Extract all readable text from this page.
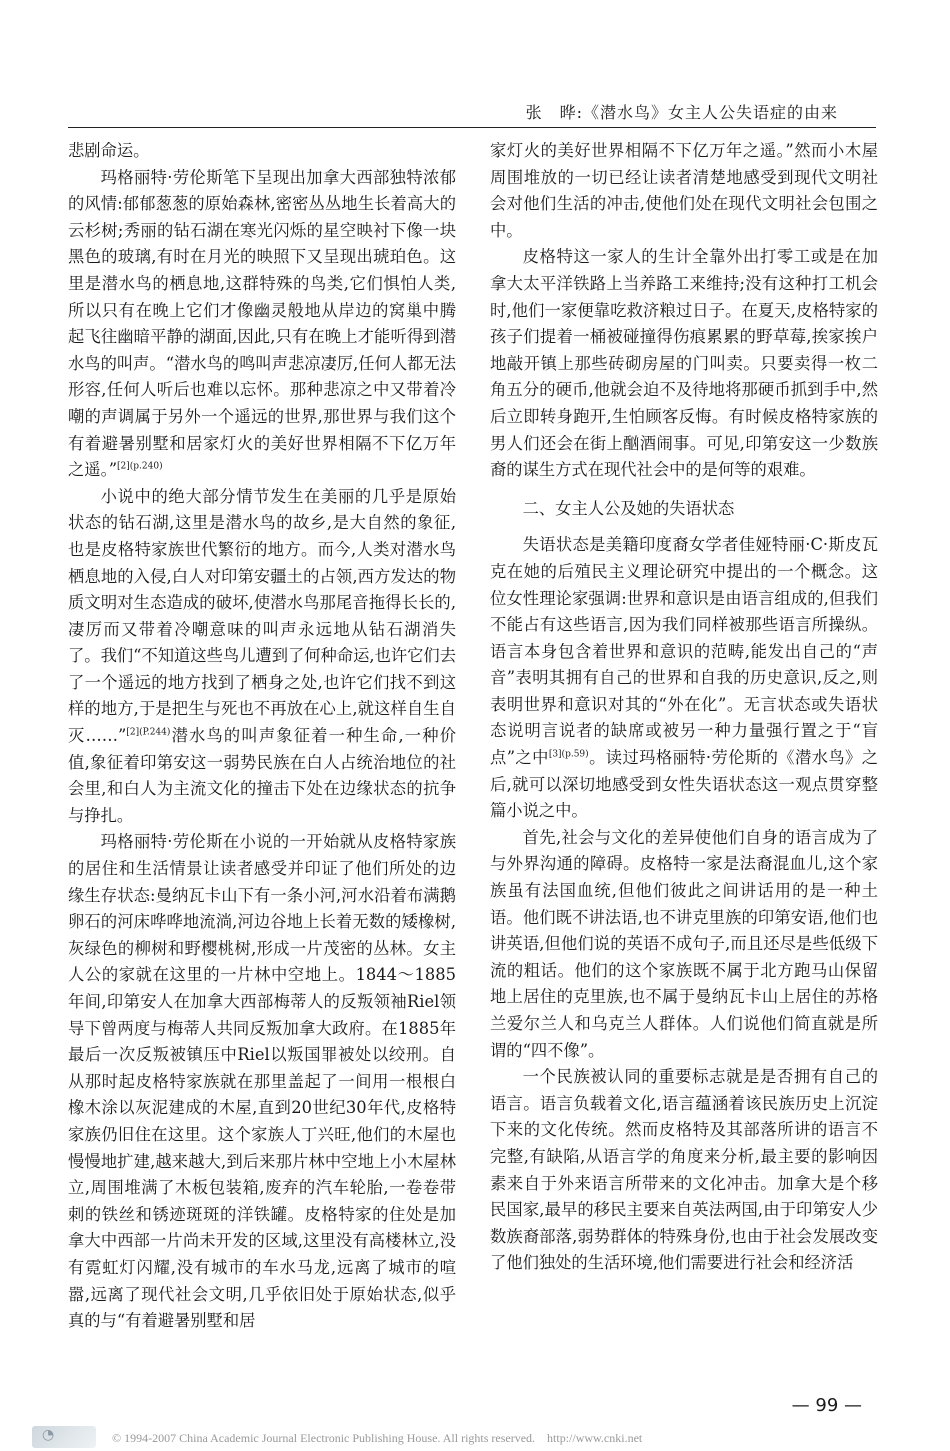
张　晔:《潜水鸟》女主人公失语症的由来

悲剧命运。

玛格丽特·劳伦斯笔下呈现出加拿大西部独特浓郁的风情:郁郁葱葱的原始森林,密密丛丛地生长着高大的云杉树;秀丽的钻石湖在寒光闪烁的星空映衬下像一块黑色的玻璃,有时在月光的映照下又呈现出琥珀色。这里是潜水鸟的栖息地,这群特殊的鸟类,它们惧怕人类,所以只有在晚上它们才像幽灵般地从岸边的窝巢中腾起飞往幽暗平静的湖面,因此,只有在晚上才能听得到潜水鸟的叫声。“潜水鸟的鸣叫声悲凉凄厉,任何人都无法形容,任何人听后也难以忘怀。那种悲凉之中又带着冷嘲的声调属于另外一个遥远的世界,那世界与我们这个有着避暑别墅和居家灯火的美好世界相隔不下亿万年之遥。”$^{[2](p.240)}$

小说中的绝大部分情节发生在美丽的几乎是原始状态的钻石湖,这里是潜水鸟的故乡,是大自然的象征,也是皮格特家族世代繁衍的地方。而今,人类对潜水鸟栖息地的入侵,白人对印第安疆土的占领,西方发达的物质文明对生态造成的破坏,使潜水鸟那尾音拖得长长的,凄厉而又带着冷嘲意味的叫声永远地从钻石湖消失了。我们“不知道这些鸟儿遭到了何种命运,也许它们去了一个遥远的地方找到了栖身之处,也许它们找不到这样的地方,于是把生与死也不再放在心上,就这样自生自灭……”$^{[2](P.244)}$潜水鸟的叫声象征着一种生命,一种价值,象征着印第安这一弱势民族在白人占统治地位的社会里,和白人为主流文化的撞击下处在边缘状态的抗争与挣扎。

玛格丽特·劳伦斯在小说的一开始就从皮格特家族的居住和生活情景让读者感受并印证了他们所处的边缘生存状态:曼纳瓦卡山下有一条小河,河水沿着布满鹅卵石的河床哗哗地流淌,河边谷地上长着无数的矮橡树,灰绿色的柳树和野樱桃树,形成一片茂密的丛林。女主人公的家就在这里的一片林中空地上。1844～1885年间,印第安人在加拿大西部梅蒂人的反叛领袖Riel领导下曾两度与梅蒂人共同反叛加拿大政府。在1885年最后一次反叛被镇压中Riel以叛国罪被处以绞刑。自从那时起皮格特家族就在那里盖起了一间用一根根白橡木涂以灰泥建成的木屋,直到20世纪30年代,皮格特家族仍旧住在这里。这个家族人丁兴旺,他们的木屋也慢慢地扩建,越来越大,到后来那片林中空地上小木屋林立,周围堆满了木板包装箱,废弃的汽车轮胎,一卷卷带刺的铁丝和锈迹斑斑的洋铁罐。皮格特家的住处是加拿大中西部一片尚未开发的区域,这里没有高楼林立,没有霓虹灯闪耀,没有城市的车水马龙,远离了城市的喧嚣,远离了现代社会文明,几乎依旧处于原始状态,似乎真的与“有着避暑别墅和居

家灯火的美好世界相隔不下亿万年之遥。”然而小木屋周围堆放的一切已经让读者清楚地感受到现代文明社会对他们生活的冲击,使他们处在现代文明社会包围之中。

皮格特这一家人的生计全靠外出打零工或是在加拿大太平洋铁路上当养路工来维持;没有这种打工机会时,他们一家便靠吃救济粮过日子。在夏天,皮格特家的孩子们提着一桶被碰撞得伤痕累累的野草莓,挨家挨户地敲开镇上那些砖砌房屋的门叫卖。只要卖得一枚二角五分的硬币,他就会迫不及待地将那硬币抓到手中,然后立即转身跑开,生怕顾客反悔。有时候皮格特家族的男人们还会在街上酗酒闹事。可见,印第安这一少数族裔的谋生方式在现代社会中的是何等的艰难。

二、女主人公及她的失语状态

失语状态是美籍印度裔女学者佳娅特丽·C·斯皮瓦克在她的后殖民主义理论研究中提出的一个概念。这位女性理论家强调:世界和意识是由语言组成的,但我们不能占有这些语言,因为我们同样被那些语言所操纵。语言本身包含着世界和意识的范畴,能发出自己的“声音”表明其拥有自己的世界和自我的历史意识,反之,则表明世界和意识对其的“外在化”。无言状态或失语状态说明言说者的缺席或被另一种力量强行置之于“盲点”之中$^{[3](p.59)}$。读过玛格丽特·劳伦斯的《潜水鸟》之后,就可以深切地感受到女性失语状态这一观点贯穿整篇小说之中。

首先,社会与文化的差异使他们自身的语言成为了与外界沟通的障碍。皮格特一家是法裔混血儿,这个家族虽有法国血统,但他们彼此之间讲话用的是一种土语。他们既不讲法语,也不讲克里族的印第安语,他们也讲英语,但他们说的英语不成句子,而且还尽是些低级下流的粗话。他们的这个家族既不属于北方跑马山保留地上居住的克里族,也不属于曼纳瓦卡山上居住的苏格兰爱尔兰人和乌克兰人群体。人们说他们简直就是所谓的“四不像”。

一个民族被认同的重要标志就是是否拥有自己的语言。语言负载着文化,语言蕴涵着该民族历史上沉淀下来的文化传统。然而皮格特及其部落所讲的语言不完整,有缺陷,从语言学的角度来分析,最主要的影响因素来自于外来语言所带来的文化冲击。加拿大是个移民国家,最早的移民主要来自英法两国,由于印第安人少数族裔部落,弱势群体的特殊身份,也由于社会发展改变了他们独处的生活环境,他们需要进行社会和经济活

— 99 —
◔	© 1994-2007 China Academic Journal Electronic Publishing House. All rights reserved.　http://www.cnki.net
